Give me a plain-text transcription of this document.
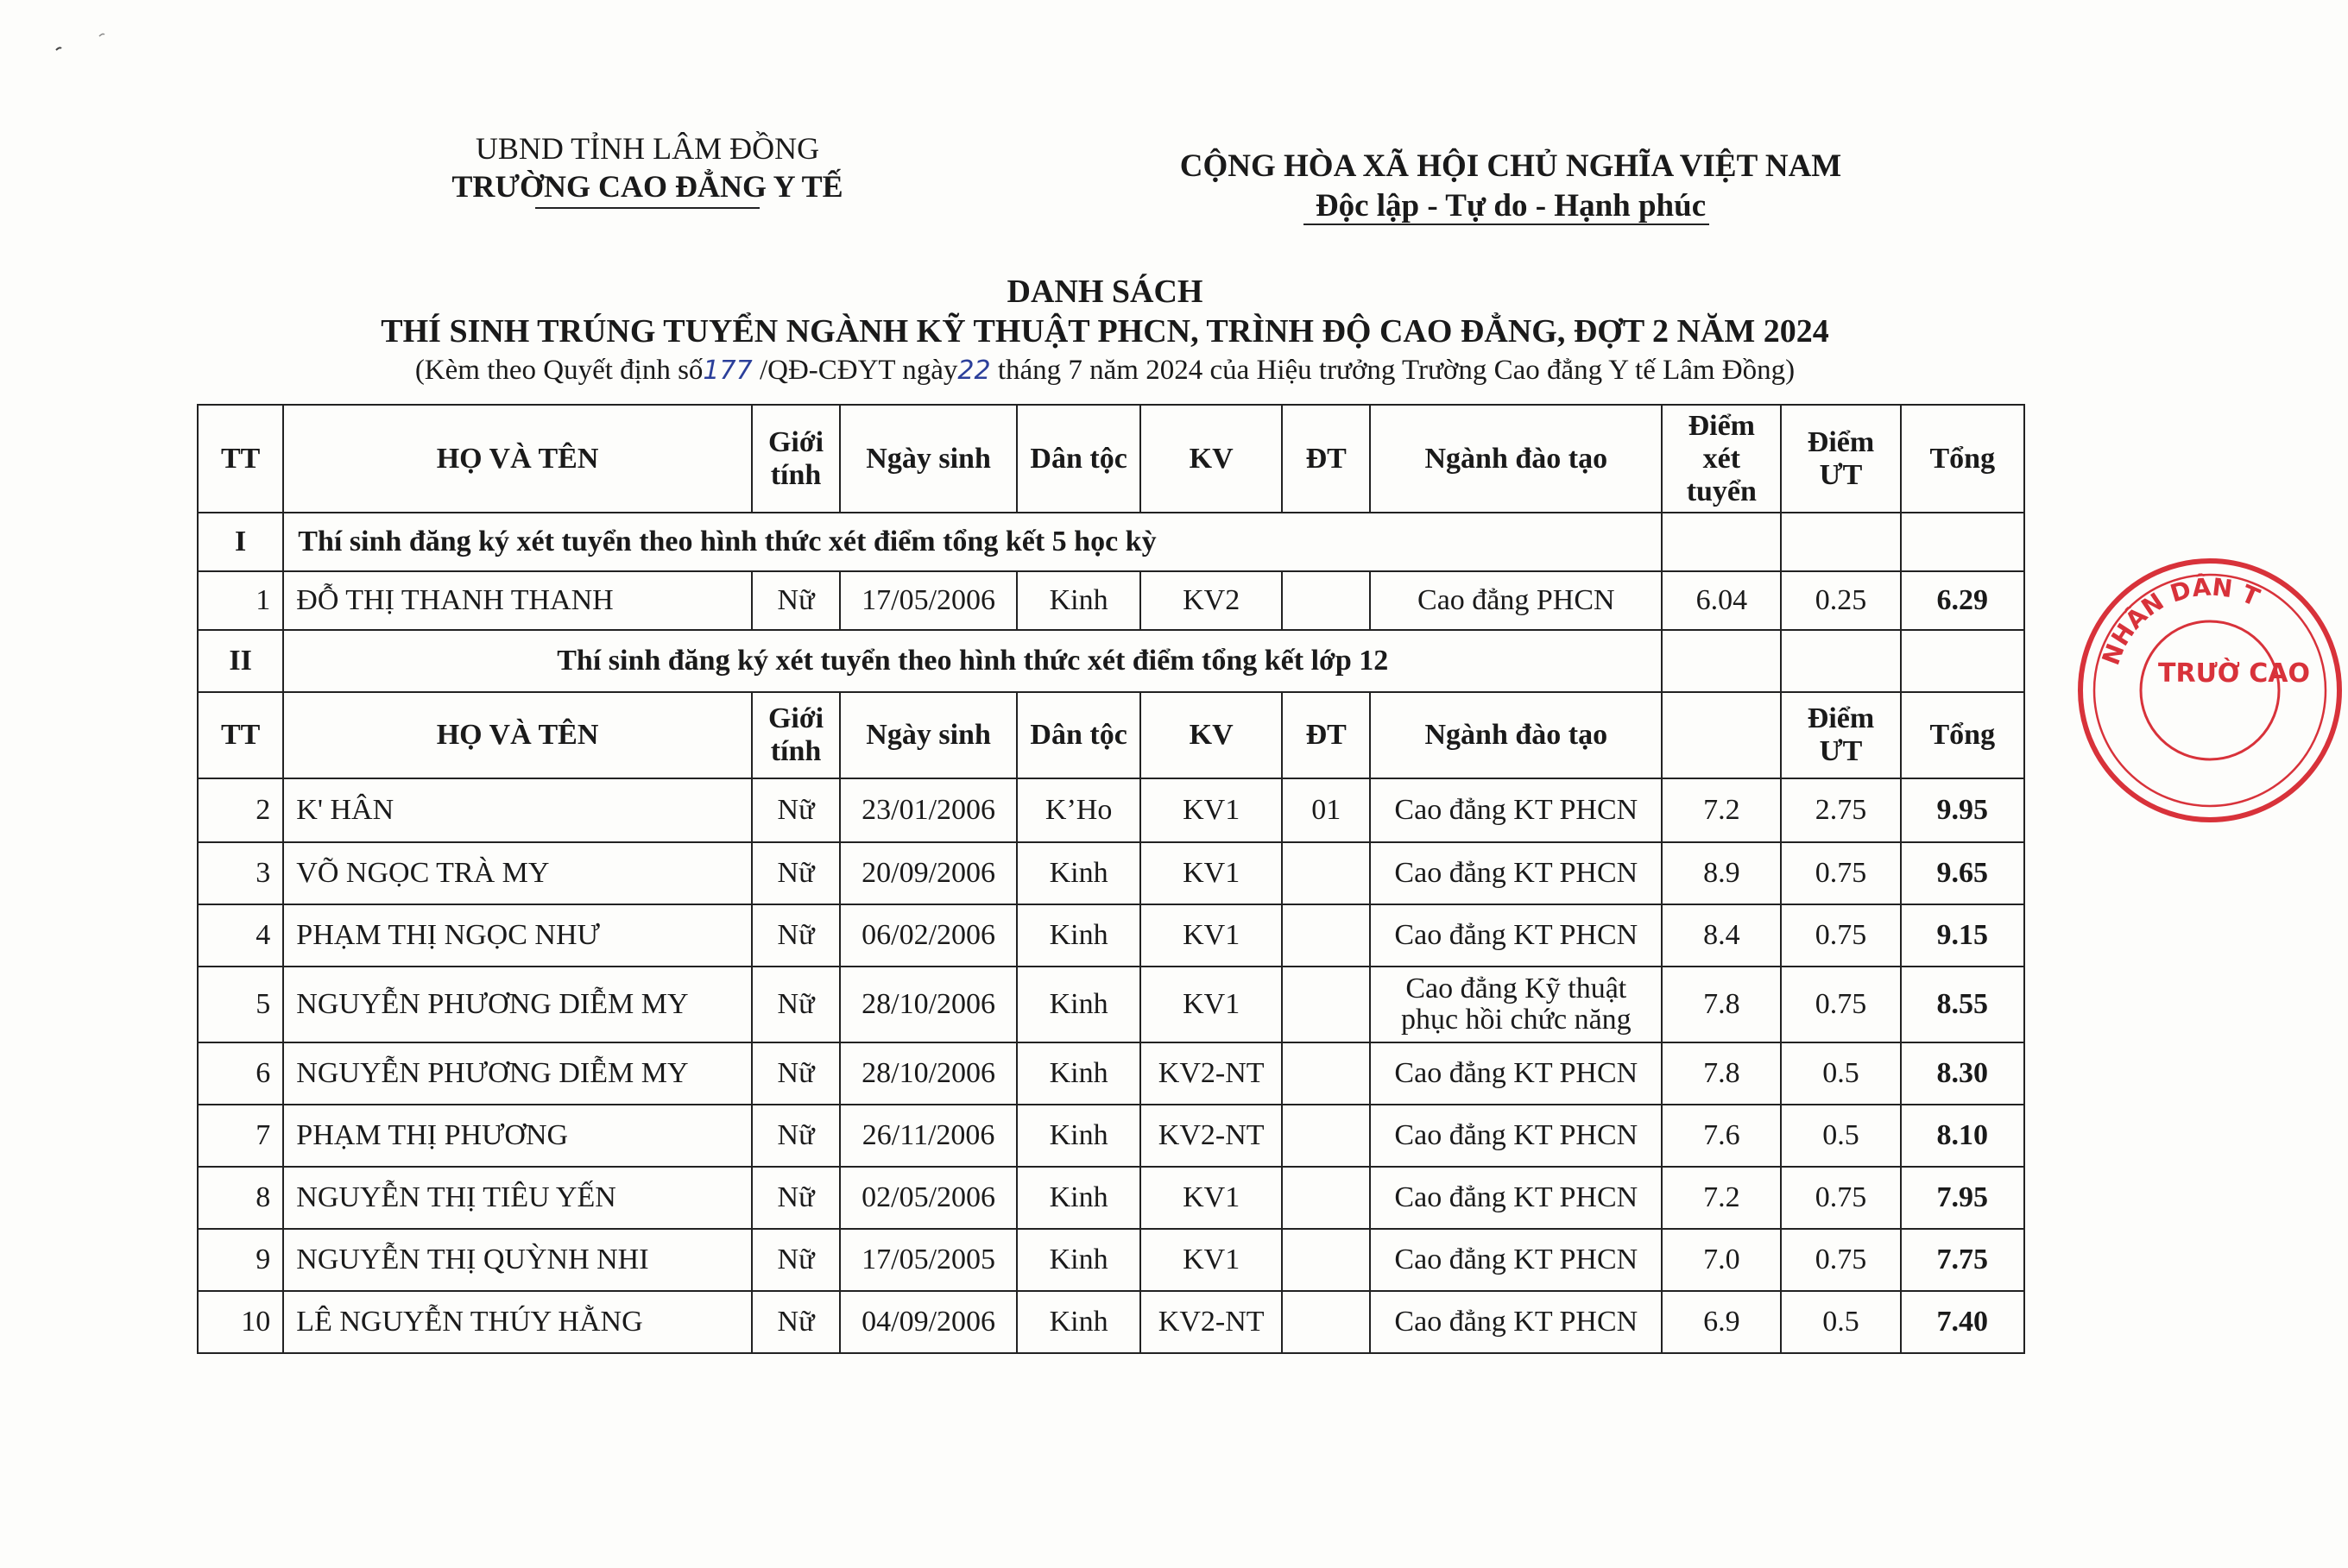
UBND TỈNH LÂM ĐỒNG
TRƯỜNG CAO ĐẲNG Y TẾ
CỘNG HÒA XÃ HỘI CHỦ NGHĨA VIỆT NAM
Độc lập - Tự do - Hạnh phúc
DANH SÁCH
THÍ SINH TRÚNG TUYỂN NGÀNH KỸ THUẬT PHCN, TRÌNH ĐỘ CAO ĐẲNG, ĐỢT 2 NĂM 2024
(Kèm theo Quyết định số177 /QĐ-CĐYT ngày22 tháng 7 năm 2024 của Hiệu trưởng Trường Cao đẳng Y tế Lâm Đồng)
TT	HỌ VÀ TÊN	Giới tính	Ngày sinh	Dân tộc	KV	ĐT	Ngành đào tạo	Điểm xét tuyển	Điểm ƯT	Tổng
I	Thí sinh đăng ký xét tuyển theo hình thức xét điểm tổng kết 5 học kỳ									
1	ĐỖ THỊ THANH THANH	Nữ	17/05/2006	Kinh	KV2		Cao đẳng PHCN	6.04	0.25	6.29
II	Thí sinh đăng ký xét tuyển theo hình thức xét điểm tổng kết lớp 12									
TT	HỌ VÀ TÊN	Giới tính	Ngày sinh	Dân tộc	KV	ĐT	Ngành đào tạo		Điểm ƯT	Tổng
2	K' HÂN	Nữ	23/01/2006	K’Ho	KV1	01	Cao đẳng KT PHCN	7.2	2.75	9.95
3	VÕ NGỌC TRÀ MY	Nữ	20/09/2006	Kinh	KV1		Cao đẳng KT PHCN	8.9	0.75	9.65
4	PHẠM THỊ NGỌC NHƯ	Nữ	06/02/2006	Kinh	KV1		Cao đẳng KT PHCN	8.4	0.75	9.15
5	NGUYỄN PHƯƠNG DIỄM MY	Nữ	28/10/2006	Kinh	KV1		Cao đẳng Kỹ thuật phục hồi chức năng	7.8	0.75	8.55
6	NGUYỄN PHƯƠNG DIỄM MY	Nữ	28/10/2006	Kinh	KV2-NT		Cao đẳng KT PHCN	7.8	0.5	8.30
7	PHẠM THỊ PHƯƠNG	Nữ	26/11/2006	Kinh	KV2-NT		Cao đẳng KT PHCN	7.6	0.5	8.10
8	NGUYỄN THỊ TIÊU YẾN	Nữ	02/05/2006	Kinh	KV1		Cao đẳng KT PHCN	7.2	0.75	7.95
9	NGUYỄN THỊ QUỲNH NHI	Nữ	17/05/2005	Kinh	KV1		Cao đẳng KT PHCN	7.0	0.75	7.75
10	LÊ NGUYỄN THÚY HẰNG	Nữ	04/09/2006	Kinh	KV2-NT		Cao đẳng KT PHCN	6.9	0.5	7.40
NHÂN DÂN T
TRƯỜ CAO
